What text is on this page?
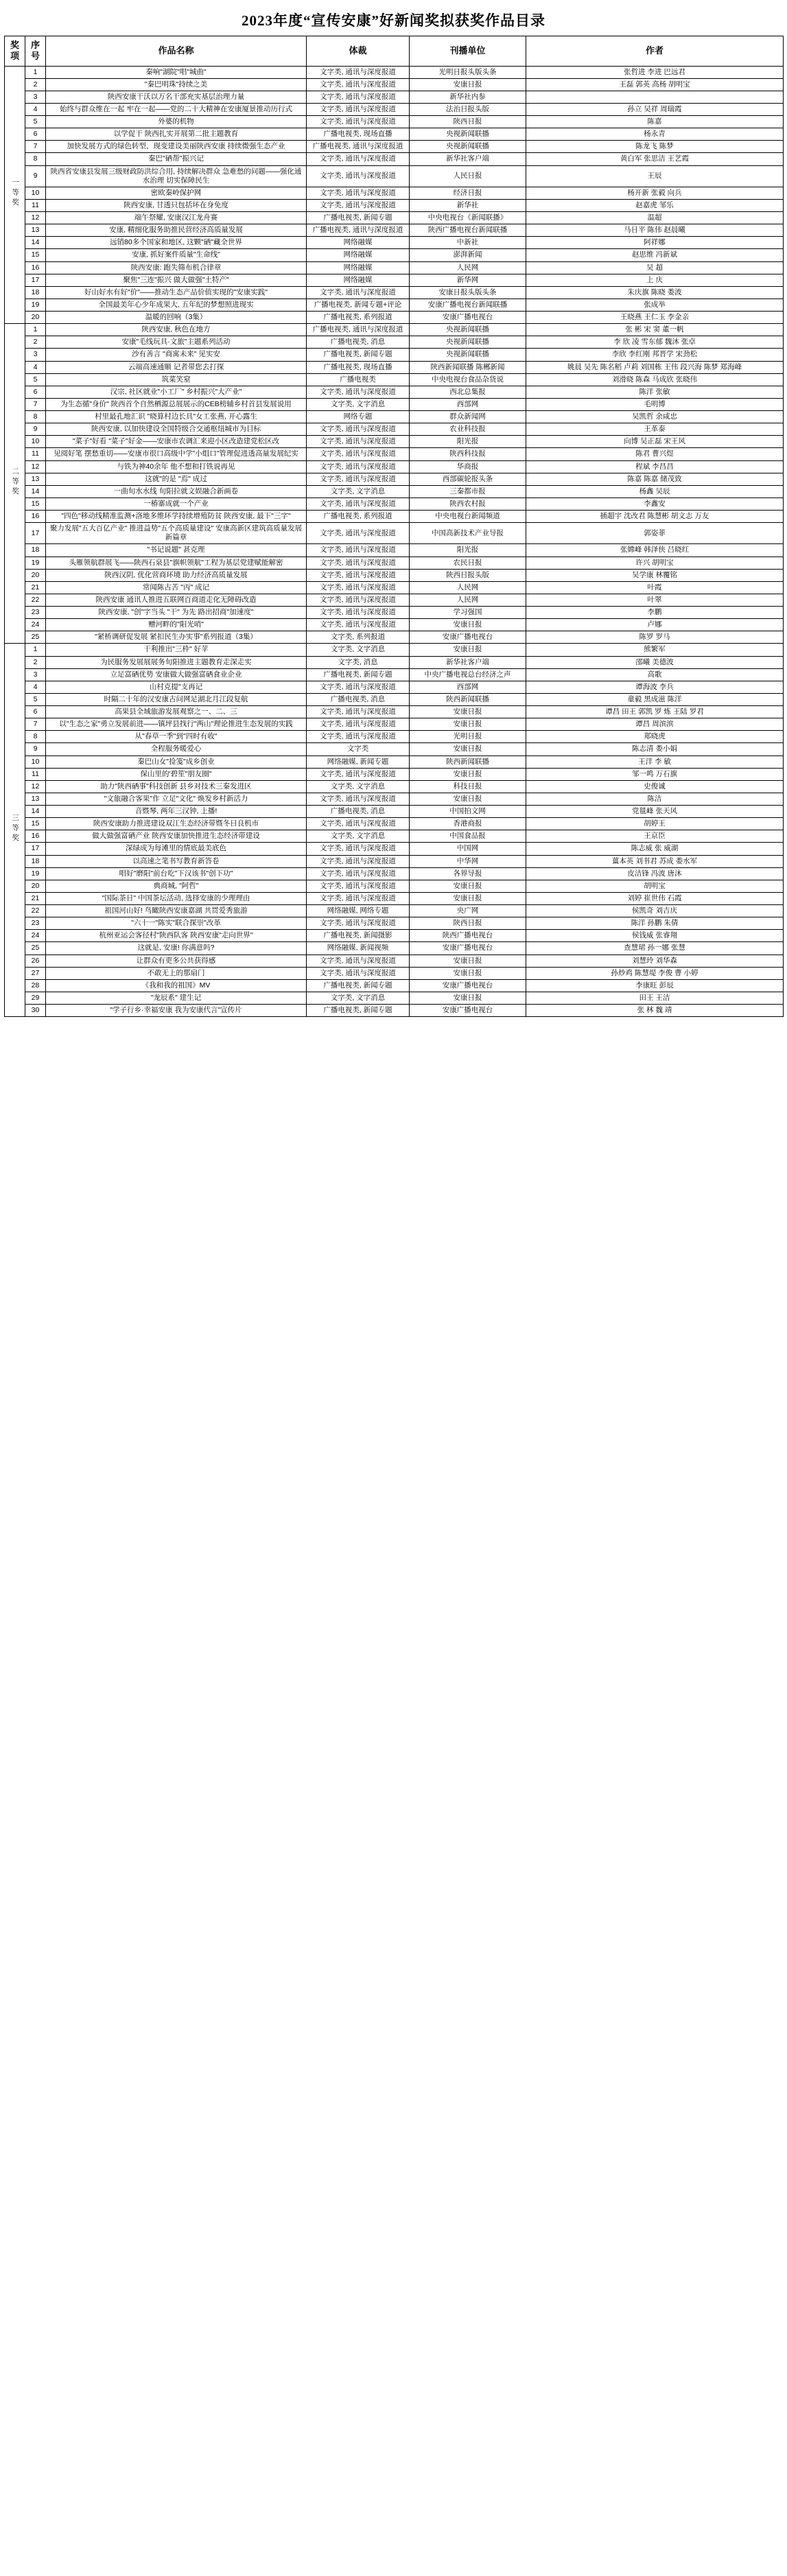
2023年度“宣传安康”好新闻奖拟获奖作品目录
奖项	序号	作品名称	体裁	刊播单位	作者
一等奖	1	秦响"湖院"唱"城曲"	文字类, 通讯与深度报道	光明日报头版头条	张哲进 李进 巴远君
	2	"秦巴明珠"持续之美	文字类, 通讯与深度报道	安康日报	王磊 郭英 高杨 胡明宝
	3	陕西安康干沃以万名干部充实基层治理力量	文字类, 通讯与深度报道	新华社内参	
	4	始终与群众维在一起 牢在一起——党的二十大精神在安康厦景推动历行式	文字类, 通讯与深度报道	法治日报头版	孙立 吴祥 周瑞霞
	5	外婆的机物	文字类, 通讯与深度报道	陕西日报	陈嘉
	6	以学促干 陕西扎实开展第二批主题教育	广播电视类, 现场直播	央视新闻联播	杨永青
	7	加快发展方式的绿色转型、现变建设美丽陕西安康 持续微强生态产业	广播电视类, 通讯与深度报道	央视新闻联播	陈龙飞 陈梦
	8	秦巴"硒帮"振兴记	文字类, 通讯与深度报道	新华社客户端	黄白军 张思洁 王艺霞
	9	陕西省安康县发展三级财政防洪综合用, 持续解决群众 急难愁的问题——强化通水治理 切实保障民生	文字类, 通讯与深度报道	人民日报	王辰
	10	密欧秦岭保护网	文字类, 通讯与深度报道	经济日报	杨开新 张毅 向兵
	11	陕西安康, 甘透只包括坏在身免度	文字类, 通讯与深度报道	新华社	赵嘉虎 邹乐
	12	端午祭耀, 安康汉江龙舟赛	广播电视类, 新闻专题	中央电视台《新闻联播》	温超
	13	安康, 精细化服务助推民营经济高质量发展	广播电视类, 通讯与深度报道	陕西广播电视台新闻联播	马日平 陈伟 赵晨曦
	14	远销80多个国家和地区, 这颗"硒"藏全世界	网络融媒	中新社	阿祥娜
	15	安康, 抓好案件质量"生命线"	网络融媒	澎湃新闻	赵思维 冯新斌
	16	陕西安康: 跑失筛布机合律章	网络融媒	人民网	吴 超
	17	聚焦"三连"振兴 做大做强"土特产"	网络融媒	新华网	上 庆
	18	好山好水有好"价"——推动生态产品价值实现的"安康实践"	文字类, 通讯与深度报道	安康日报头版头条	朱庆旗 陈晓 娄波
	19	全国最美年心少年成果大, 五年纪的梦想照进现实	广播电视类, 新闻专题+评论	安康广播电视台新闻联播	张成举
	20	温暖的回响（3集）	广播电视类, 系列报道	安康广播电视台	王晓燕 王仁玉 李金亲
二等奖	1	陕西安康, 秋色在地方	广播电视类, 通讯与深度报道	央视新闻联播	张 彬 宋 窦 董一帆
	2	安康"毛线玩具·文旅"主题系列活动	广播电视类, 消息	央视新闻联播	李 欣 凌 雪东郁 魏沐 张卓
	3	沙有善言 "商寓未来" 见实安	广播电视类, 新闻专题	央视新闻联播	李欣 李红刚 邦晋学 宋劲松
	4	云端高速通顺 记者带您去打探	广播电视类, 现场直播	陕西新闻联播 陈郴新闻	姚晨 吴先 陈名稻 卢莉 刘国栋 王伟 段兴海 陈梦 郑海峰
	5	筑菜笑窒	广播电视类	中央电视台食品杂货说	刘滑晓 陈森 马成欣 张晓伟
	6	汉宗, 社区就业"小工厂" 乡村振兴"大产业"	文字类, 通讯与深度报道	西北总集报	陈洋 张敏
	7	为生态循"身价" 陕西首个自然栖源总展展示的CEB榜辅乡村首县发展说用	文字类, 文字消息	西部网	毛明博
	8	村里最孔地汇识 "晓算村边长具"女工张燕, 开心露生	网络专题	群众新闻网	吴凯哲 余咸忠
	9	陕西安康, 以加快建设全国特级合交通枢纽城市为目标	文字类, 通讯与深度报道	农业科技报	王革泰
	10	"菜子"好看 "菜子"好金——安康市农调汇来迎小区改造建党松区改	文字类, 通讯与深度报道	阳光报	向博 吴正磊 宋王风
	11	见阅好笔 摆愁重切——安康市很口高级中学"小组口"管理促进透高量发展纪实	文字类, 通讯与深度报道	陕西科技报	陈君 曹兴煜
	12	与铁为神40余年 他不想和打铁说再见	文字类, 通讯与深度报道	华商报	程斌 李昌昌
	13	这就"的是 "焉" 成过	文字类, 通讯与深度报道	西部碳轮报头条	陈嘉 陈嘉 储茂致
	14	一曲旬水水线 旬阳拉就文娱融合新画卷	文字类, 文字消息	三秦都市报	杨鑫 吴辰
	15	一椿寨成就一个产业	文字类, 通讯与深度报道	陕西农村报	李鑫安
	16	"四色"移动线精准监测+洛地多维环学持续增殖防贫 陕西安康, 最下"三字"	广播电视类, 系列报道	中央电视台新闻频道	插超宇 沈改君 陈慧彬 胡文志 万友
	17	聚力发展"五大百亿产业" 推进益势"五个高质量建设" 安康高新区建筑高质量发展新篇章	文字类, 通讯与深度报道	中国高新技术产业导报	郭姿菲
	18	"书记说题" 甚克理	文字类, 通讯与深度报道	阳光报	张嫦峰 韩泽侠 吕晓红
	19	头雁领航群展飞——陕西石泉县"旗帜领航"工程为基层党建赋能解密	文字类, 通讯与深度报道	农民日报	许兴 胡明宝
	20	陕西汉阴, 优化营商环境 助力经济高质量发展	文字类, 通讯与深度报道	陕西日报头版	吴学康 林覆铭
	21	常闻陈古苦 "丙" 成记	文字类, 通讯与深度报道	人民网	叶霞
	22	陕西安康 通讯人推进五联网百商道走化无障碍改造	文字类, 通讯与深度报道	人民网	叶翠
	23	陕西安康, "创"字当头 "干" 为先 路出招商"加速度"	文字类, 通讯与深度报道	学习强国	李鹏
	24	赠河畔的"阳光哨"	文字类, 通讯与深度报道	安康日报	卢娜
	25	"紧桥调研促发展 紧扣民生办实事"系列报道（3集）	文字类, 系列报道	安康广播电视台	陈罗 罗马
三等奖	1	干利推出"三枠" 好苹	文字类, 文字消息	安康日报	熊繁军
	2	为民服务发展展展务旬阳推进主题教育走深走实	文字类, 消息	新华社客户端	邵曦 美德波
	3	立足富硒优势 安康做大做强富硒食业企业	广播电视类, 新闻专题	中央广播电视总台经济之声	高歌
	4	山村克提"支再记	文字类, 通讯与深度报道	西部网	谭海波 李兵
	5	时隔二十年的汉安康古问网足湖北月江段复航	广播电视类, 消息	陕西新闻联播	童毅 黑成滋 陈洋
	6	高果县全域旅游发展观察之一、二、三	文字类, 通讯与深度报道	安康日报	谭昌 田王 郭凯 罗 炼 王陆 罗君
	7	以"生态之家"勇立发展前进——镇坪县找行"两山"理论推进生态发展的实践	文字类, 通讯与深度报道	安康日报	谭昌 周滨滨
	8	从"春草一季"到"四时有收"	文字类, 通讯与深度报道	光明日报	郑晓虎
	9	全程服务暖爱心	文字类	安康日报	陈志清 娄小娟
	10	秦巴山女"捡笺"成乡创业	网络融媒, 新闻专题	陕西新闻联播	王洋 李 敏
	11	保山里的'碧笙"朋友圈"	文字类, 通讯与深度报道	安康日报	邹一鸣 万石旗
	12	助力"陕西硒事"科技创新 县乡对技术三秦发进区	文字类, 文字消息	科技日报	史俊诚
	13	"文旅融合客果"作 立足"文化" 焕发乡村新活力	文字类, 通讯与深度报道	安康日报	陈洁
	14	音暨琴, 两年三汉钟, 上播!	广播电视类, 消息	中国拍文网	党毯峰 张天风
	15	陕西安康助力推进建设双江生态经济带暨冬日良机市	文字类, 通讯与深度报道	香港商报	胡婷王
	16	做大做强富硒产业 陕西安康加快推进生态经济带建设	文字类, 文字消息	中国食品报	王京臣
	17	深绿成为每滩里的情底最美底色	文字类, 通讯与深度报道	中国网	陈志威 张 威湖
	18	以高速之笔书写教育新答卷	文字类, 通讯与深度报道	中华网	薑本英 刘书君 苏成 娄水军
	19	唱好"磨阳"前台吃"下汉该书"创下功"	文字类, 通讯与深度报道	各界导报	皮洁锋 冯波 唐沐
	20	典商城, "阿哲"	文字类, 通讯与深度报道	安康日报	胡明宝
	21	"国际茶日" 中国茶坛活动, 选择安康的少理理由	文字类, 通讯与深度报道	安康日报	刘婷 崔世伟 石霞
	22	祖国河山好! 鸟瞰陕西安康嘉湖 共贯爱秀旅游	网络融媒, 网络专题	央广网	侯凯奇 刘吉庆
	23	"六十一"陈实"联合探崇"改革	文字类, 通讯与深度报道	陕西日报	陈洋 孙鹏 朱倩
	24	杭州亚运会客径村"陕西队客 陕西安康"走向世界"	广播电视类, 新闻摄影	陕西广播电视台	侯钱威 张睿翔
	25	这就是, 安康! 你满意吗?	网络融媒, 新闻视频	安康广播电视台	查慧珺 孙一娜 张慧
	26	让群众有更多公共获得感	文字类, 通讯与深度报道	安康日报	刘慧玲 刘华森
	27	不敢无上的那扇门	文字类, 通讯与深度报道	安康日报	孙炒鸡 陈慧堤 李俊 曹 小婷
	28	《我和我的祖国》MV	广播电视类, 新闻专题	安康广播电视台	李康旺 彭辰
	29	"龙辰系" 建生记	文字类, 文字消息	安康日报	田王 王洁
	30	"学子行乡·幸福安康 我为安康代言"宣传片	广播电视类, 新闻专题	安康广播电视台	张 林 魏 靖
